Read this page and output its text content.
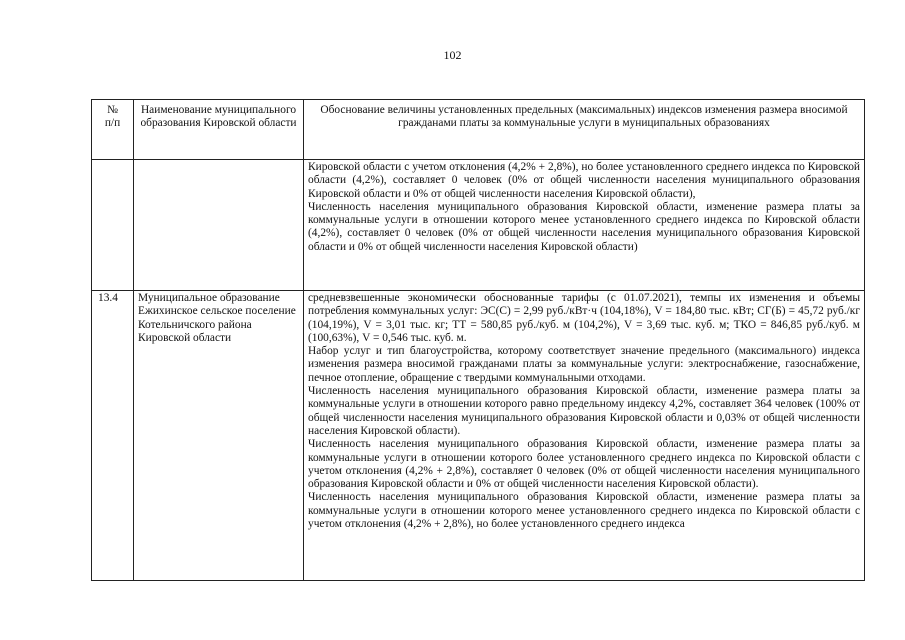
102
№
п/п	Наименование муниципального образования Кировской области	Обоснование величины установленных предельных (максимальных) индексов изменения размера вносимой гражданами платы за коммунальные услуги в муниципальных образованиях

		Кировской области с учетом отклонения (4,2% + 2,8%), но более установленного среднего индекса по Кировской области (4,2%), составляет 0 человек (0% от общей численности населения муниципального образования Кировской области и 0% от общей численности населения Кировской области),

Численность населения муниципального образования Кировской области, изменение размера платы за коммунальные услуги в отношении которого менее установленного среднего индекса по Кировской области (4,2%), составляет 0 человек (0% от общей численности населения муниципального образования Кировской области и 0% от общей численности населения Кировской области)

13.4	Муниципальное образование Ежихинское сельское поселение Котельничского района Кировской области	средневзвешенные экономически обоснованные тарифы (с 01.07.2021), темпы их изменения и объемы потребления коммунальных услуг: ЭС(С) = 2,99 руб./кВт·ч (104,18%), V = 184,80 тыс. кВт; СГ(Б) = 45,72 руб./кг (104,19%), V = 3,01 тыс. кг; ТТ = 580,85 руб./куб. м (104,2%), V = 3,69 тыс. куб. м; ТКО = 846,85 руб./куб. м (100,63%), V = 0,546 тыс. куб. м.

Набор услуг и тип благоустройства, которому соответствует значение предельного (максимального) индекса изменения размера вносимой гражданами платы за коммунальные услуги: электроснабжение, газоснабжение, печное отопление, обращение с твердыми коммунальными отходами.

Численность населения муниципального образования Кировской области, изменение размера платы за коммунальные услуги в отношении которого равно предельному индексу 4,2%, составляет 364 человек (100% от общей численности населения муниципального образования Кировской области и 0,03% от общей численности населения Кировской области).

Численность населения муниципального образования Кировской области, изменение размера платы за коммунальные услуги в отношении которого более установленного среднего индекса по Кировской области с учетом отклонения (4,2% + 2,8%), составляет 0 человек (0% от общей численности населения муниципального образования Кировской области и 0% от общей численности населения Кировской области).

Численность населения муниципального образования Кировской области, изменение размера платы за коммунальные услуги в отношении которого менее установленного среднего индекса по Кировской области с учетом отклонения (4,2% + 2,8%), но более установленного среднего индекса
